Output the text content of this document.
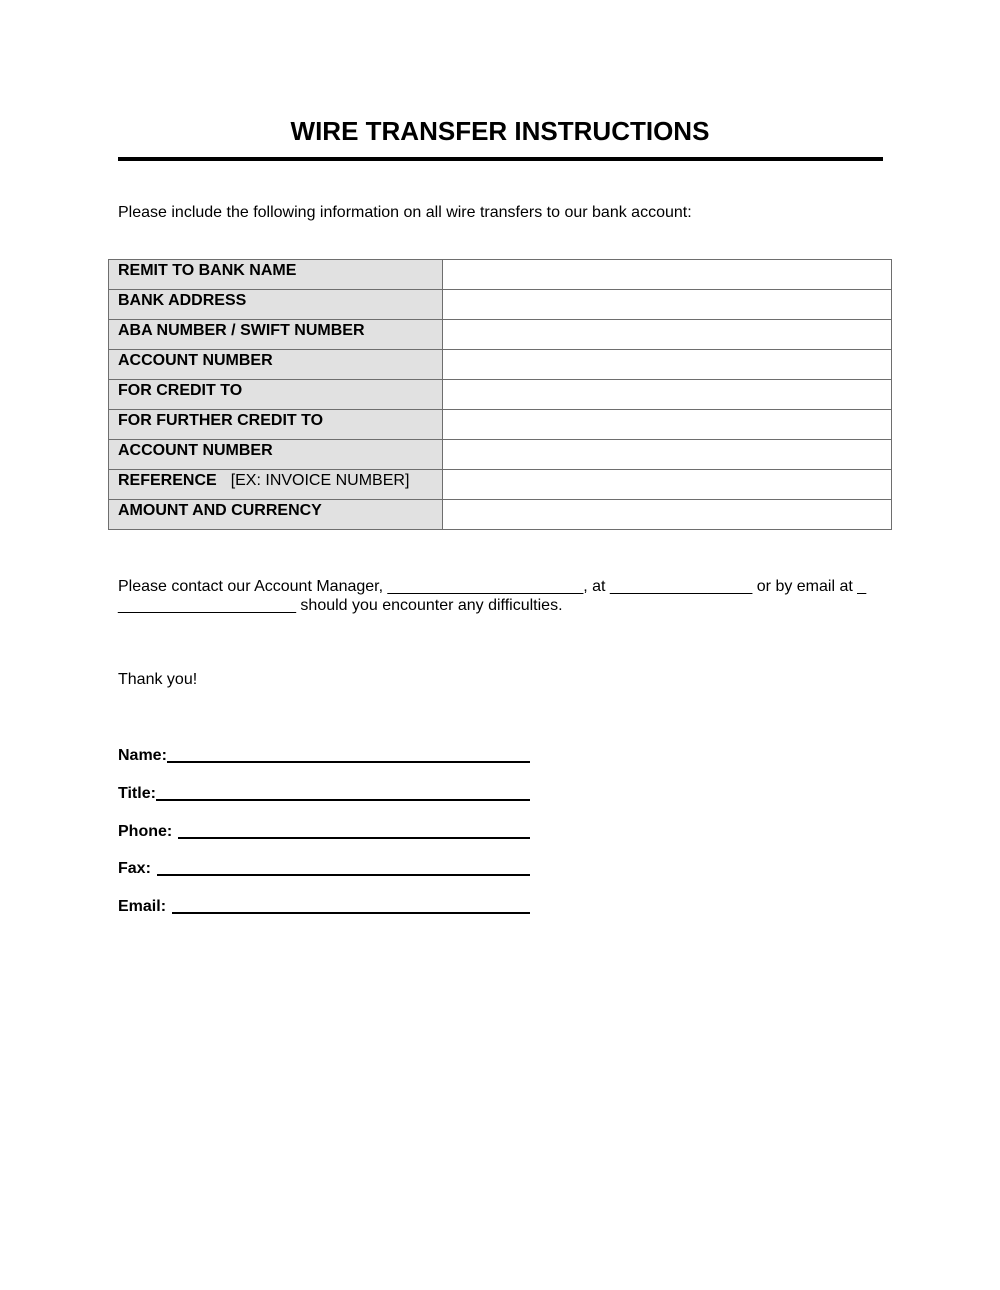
WIRE TRANSFER INSTRUCTIONS
Please include the following information on all wire transfers to our bank account:
REMIT TO BANK NAME	
BANK ADDRESS	
ABA NUMBER / SWIFT NUMBER	
ACCOUNT NUMBER	
FOR CREDIT TO	
FOR FURTHER CREDIT TO	
ACCOUNT NUMBER	
REFERENCE [EX: INVOICE NUMBER]	
AMOUNT AND CURRENCY	
Please contact our Account Manager, ______________________, at ________________ or by email at _
____________________ should you encounter any difficulties.
Thank you!
Name:
Title:
Phone:
Fax:
Email:
